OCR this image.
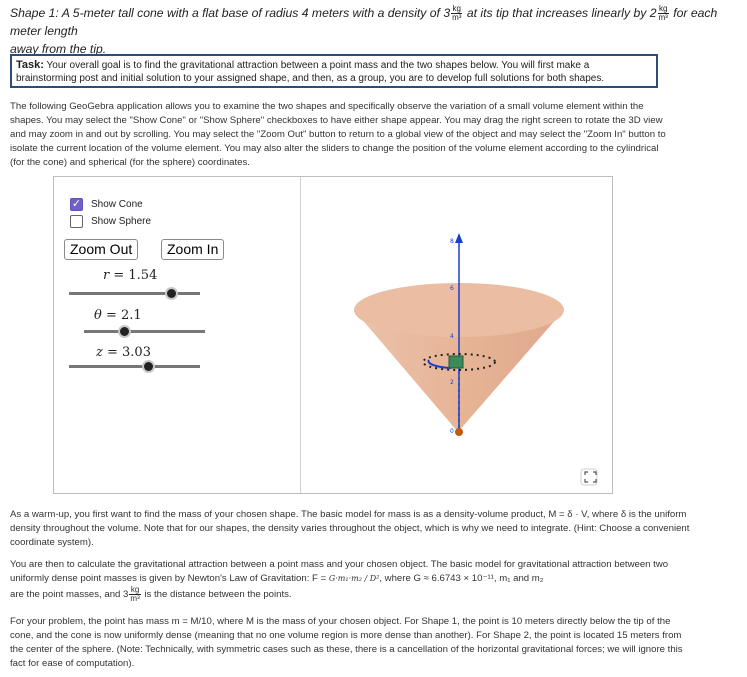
Shape 1: A 5-meter tall cone with a flat base of radius 4 meters with a density of $3 \frac{kg}{\text{m³}}$ at its tip that increases linearly by $2 \frac{kg}{\text{m³}}$ for each meter length
away from the tip.
Task: Your overall goal is to find the gravitational attraction between a point mass and the two shapes below. You will first make a brainstorming post and initial solution to your assigned shape, and then, as a group, you are to develop full solutions for both shapes.
The following GeoGebra application allows you to examine the two shapes and specifically observe the variation of a small volume element within the shapes. You may select the "Show Cone" or "Show Sphere" checkboxes to have either shape appear. You may drag the right screen to rotate the 3D view and may zoom in and out by scrolling. You may select the "Zoom Out" button to return to a global view of the object and may select the "Zoom In" button to isolate the current location of the volume element. You may also alter the sliders to change the position of the volume element according to the cylindrical (for the cone) and spherical (for the sphere) coordinates.
✓ Show Cone
Show Sphere
Zoom Out	Zoom In
r = 1.54
θ = 2.1
z = 3.03
8
6
4
2
0
As a warm-up, you first want to find the mass of your chosen shape. The basic model for mass is as a density-volume product, M = δ · V, where δ is the uniform density throughout the volume. Note that for our shapes, the density varies throughout the object, which is why we need to integrate. (Hint: Choose a convenient coordinate system).
You are then to calculate the gravitational attraction between a point mass and your chosen object. The basic model for gravitational attraction between two uniformly dense point masses is given by Newton's Law of Gravitation: F = G·m₁·m₂ / D², where G ≈ 6.6743 × 10⁻¹¹, m₁ and m₂
are the point masses, and $3 \frac{kg}{\text{m³}}$ is the distance between the points.
For your problem, the point has mass m = M/10, where M is the mass of your chosen object. For Shape 1, the point is 10 meters directly below the tip of the cone, and the cone is now uniformly dense (meaning that no one volume region is more dense than another). For Shape 2, the point is located 15 meters from the center of the sphere. (Note: Technically, with symmetric cases such as these, there is a cancellation of the horizontal gravitational forces; we will ignore this fact for ease of computation).
